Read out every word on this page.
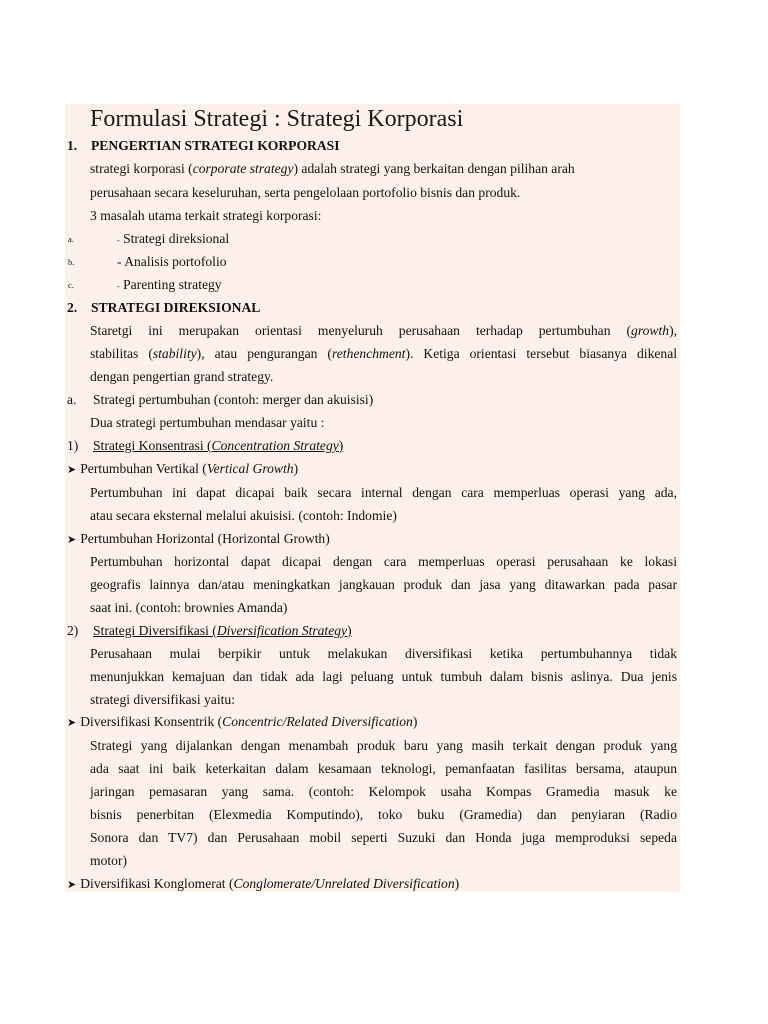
Formulasi Strategi : Strategi Korporasi
1. PENGERTIAN STRATEGI KORPORASI
strategi korporasi (corporate strategy) adalah strategi yang berkaitan dengan pilihan arah
perusahaan secara keseluruhan, serta pengelolaan portofolio bisnis dan produk.
3 masalah utama terkait strategi korporasi:
a.	- Strategi direksional
b.	- Analisis portofolio
c.	- Parenting strategy
2. STRATEGI DIREKSIONAL
Staretgi ini merupakan orientasi menyeluruh perusahaan terhadap pertumbuhan (growth),
stabilitas (stability), atau pengurangan (rethenchment). Ketiga orientasi tersebut biasanya dikenal
dengan pengertian grand strategy.
a. Strategi pertumbuhan (contoh: merger dan akuisisi)
Dua strategi pertumbuhan mendasar yaitu :
1) Strategi Konsentrasi (Concentration Strategy)
➤ Pertumbuhan Vertikal (Vertical Growth)
Pertumbuhan ini dapat dicapai baik secara internal dengan cara memperluas operasi yang ada,
atau secara eksternal melalui akuisisi. (contoh: Indomie)
➤ Pertumbuhan Horizontal (Horizontal Growth)
Pertumbuhan horizontal dapat dicapai dengan cara memperluas operasi perusahaan ke lokasi
geografis lainnya dan/atau meningkatkan jangkauan produk dan jasa yang ditawarkan pada pasar
saat ini. (contoh: brownies Amanda)
2) Strategi Diversifikasi (Diversification Strategy)
Perusahaan mulai berpikir untuk melakukan diversifikasi ketika pertumbuhannya tidak
menunjukkan kemajuan dan tidak ada lagi peluang untuk tumbuh dalam bisnis aslinya. Dua jenis
strategi diversifikasi yaitu:
➤ Diversifikasi Konsentrik (Concentric/Related Diversification)
Strategi yang dijalankan dengan menambah produk baru yang masih terkait dengan produk yang
ada saat ini baik keterkaitan dalam kesamaan teknologi, pemanfaatan fasilitas bersama, ataupun
jaringan pemasaran yang sama. (contoh: Kelompok usaha Kompas Gramedia masuk ke
bisnis penerbitan (Elexmedia Komputindo), toko buku (Gramedia) dan penyiaran (Radio
Sonora dan TV7) dan Perusahaan mobil seperti Suzuki dan Honda juga memproduksi sepeda
motor)
➤ Diversifikasi Konglomerat (Conglomerate/Unrelated Diversification)
